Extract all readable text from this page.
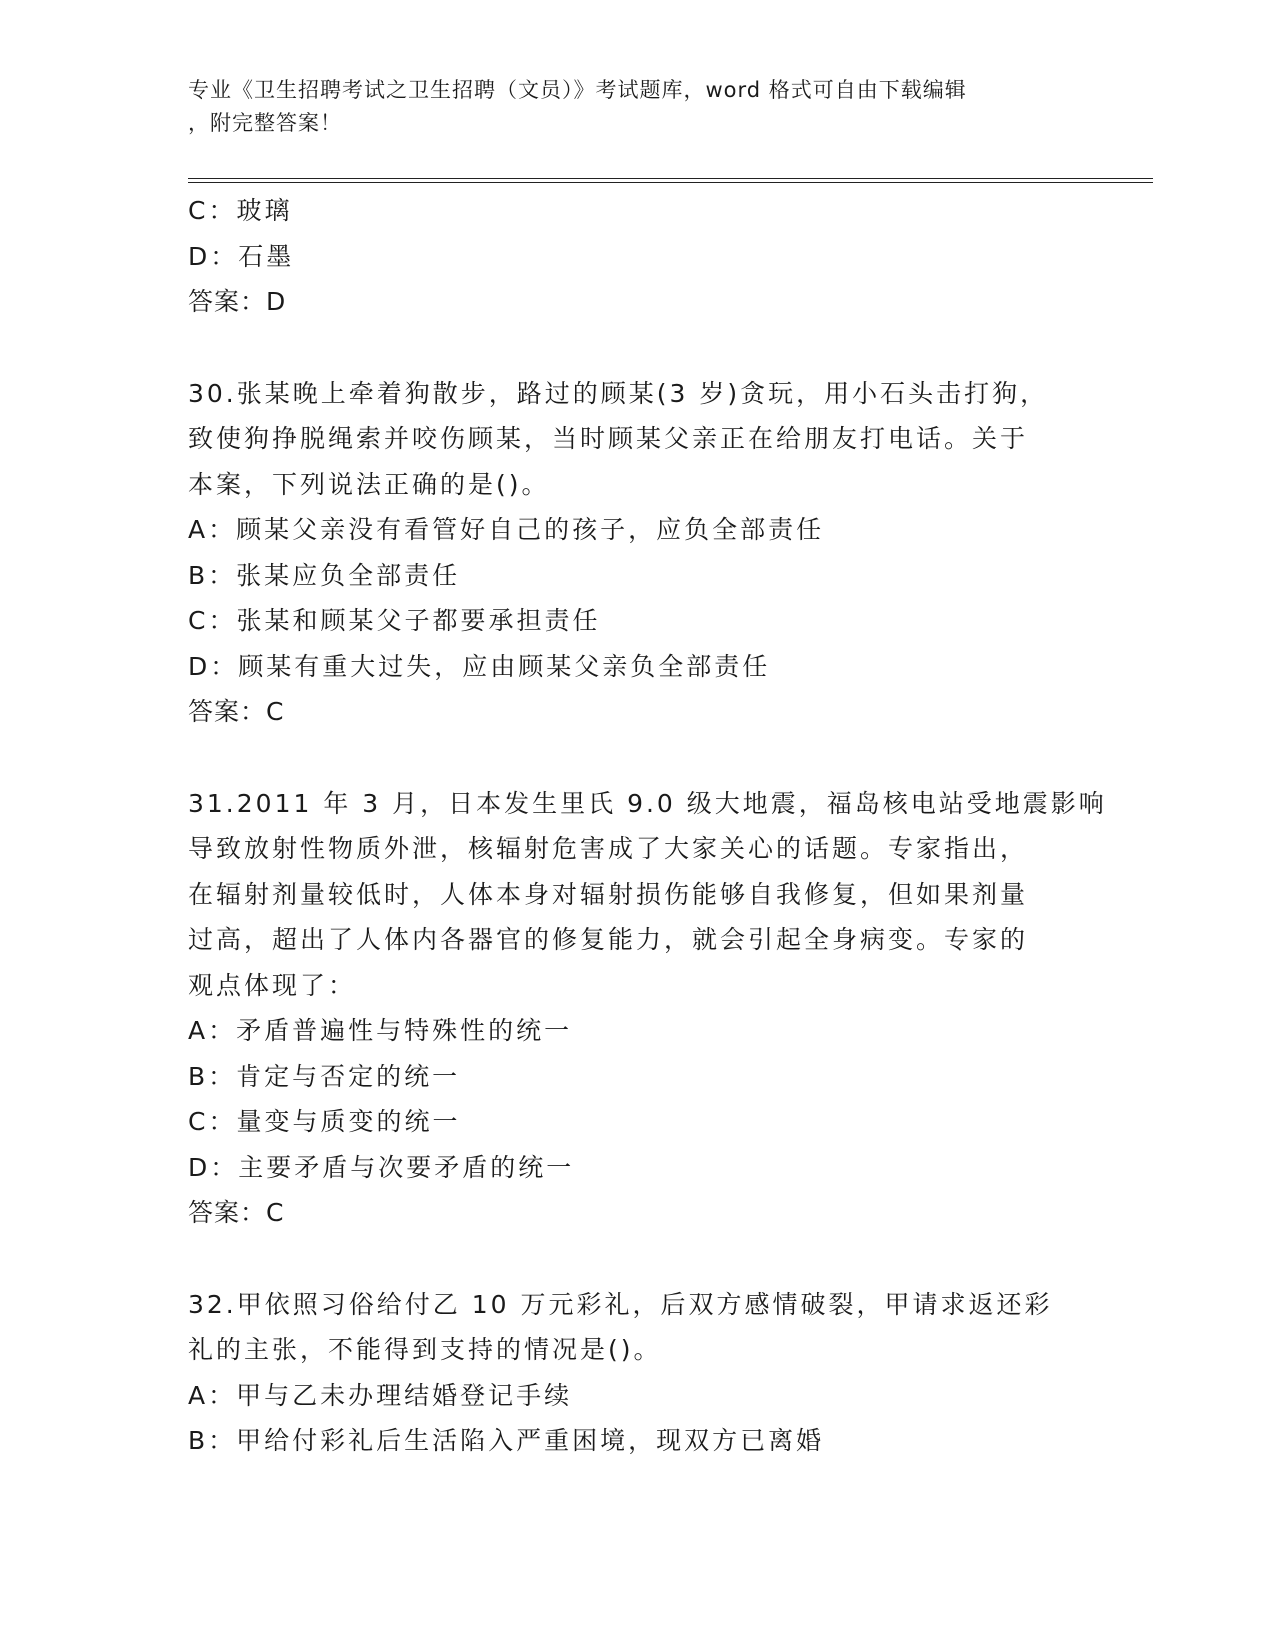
专业《卫生招聘考试之卫生招聘（文员）》考试题库，word 格式可自由下载编辑
，附完整答案！
C：玻璃
D：石墨
答案：D
30.张某晚上牵着狗散步，路过的顾某(3 岁)贪玩，用小石头击打狗，
致使狗挣脱绳索并咬伤顾某，当时顾某父亲正在给朋友打电话。关于
本案，下列说法正确的是()。
A：顾某父亲没有看管好自己的孩子，应负全部责任
B：张某应负全部责任
C：张某和顾某父子都要承担责任
D：顾某有重大过失，应由顾某父亲负全部责任
答案：C
31.2011 年 3 月，日本发生里氏 9.0 级大地震，福岛核电站受地震影响
导致放射性物质外泄，核辐射危害成了大家关心的话题。专家指出，
在辐射剂量较低时，人体本身对辐射损伤能够自我修复，但如果剂量
过高，超出了人体内各器官的修复能力，就会引起全身病变。专家的
观点体现了：
A：矛盾普遍性与特殊性的统一
B：肯定与否定的统一
C：量变与质变的统一
D：主要矛盾与次要矛盾的统一
答案：C
32.甲依照习俗给付乙 10 万元彩礼，后双方感情破裂，甲请求返还彩
礼的主张，不能得到支持的情况是()。
A：甲与乙未办理结婚登记手续
B：甲给付彩礼后生活陷入严重困境，现双方已离婚
